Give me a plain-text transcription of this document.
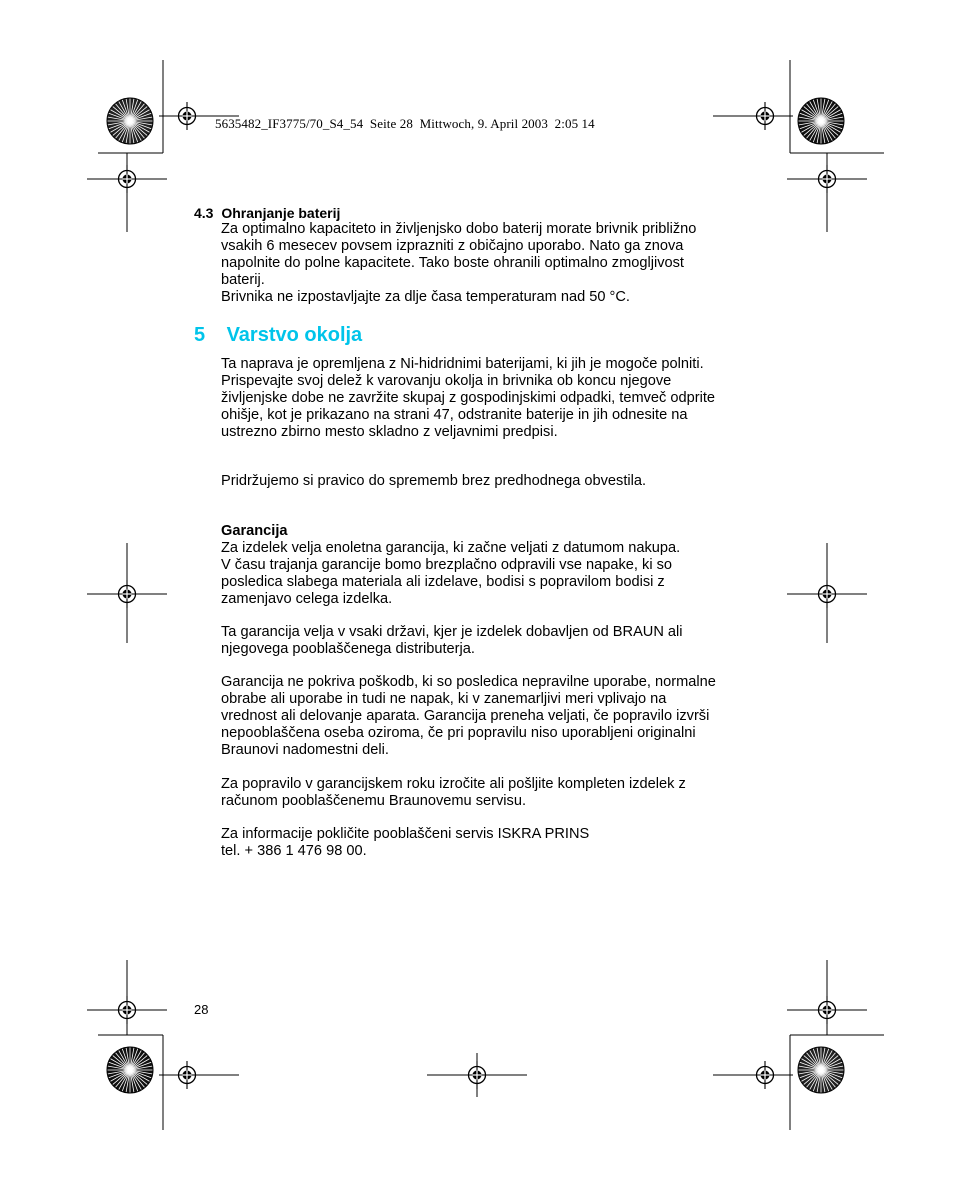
5635482_IF3775/70_S4_54  Seite 28  Mittwoch, 9. April 2003  2:05 14
4.3 Ohranjanje baterij

Za optimalno kapaciteto in življenjsko dobo baterij morate brivnik približno
vsakih 6 mesecev povsem izprazniti z običajno uporabo. Nato ga znova
napolnite do polne kapacitete. Tako boste ohranili optimalno zmogljivost
baterij.
Brivnika ne izpostavljajte za dlje časa temperaturam nad 50 °C.

5 Varstvo okolja

Ta naprava je opremljena z Ni-hidridnimi baterijami, ki jih je mogoče polniti.
Prispevajte svoj delež k varovanju okolja in brivnika ob koncu njegove
življenjske dobe ne zavržite skupaj z gospodinjskimi odpadki, temveč odprite
ohišje, kot je prikazano na strani 47, odstranite baterije in jih odnesite na
ustrezno zbirno mesto skladno z veljavnimi predpisi.

Pridržujemo si pravico do sprememb brez predhodnega obvestila.

Garancija

Za izdelek velja enoletna garancija, ki začne veljati z datumom nakupa.
V času trajanja garancije bomo brezplačno odpravili vse napake, ki so
posledica slabega materiala ali izdelave, bodisi s popravilom bodisi z
zamenjavo celega izdelka.

Ta garancija velja v vsaki državi, kjer je izdelek dobavljen od BRAUN ali
njegovega pooblaščenega distributerja.

Garancija ne pokriva poškodb, ki so posledica nepravilne uporabe, normalne
obrabe ali uporabe in tudi ne napak, ki v zanemarljivi meri vplivajo na
vrednost ali delovanje aparata. Garancija preneha veljati, če popravilo izvrši
nepooblaščena oseba oziroma, če pri popravilu niso uporabljeni originalni
Braunovi nadomestni deli.

Za popravilo v garancijskem roku izročite ali pošljite kompleten izdelek z
računom pooblaščenemu Braunovemu servisu.

Za informacije pokličite pooblaščeni servis ISKRA PRINS
tel. + 386 1 476 98 00.

28
